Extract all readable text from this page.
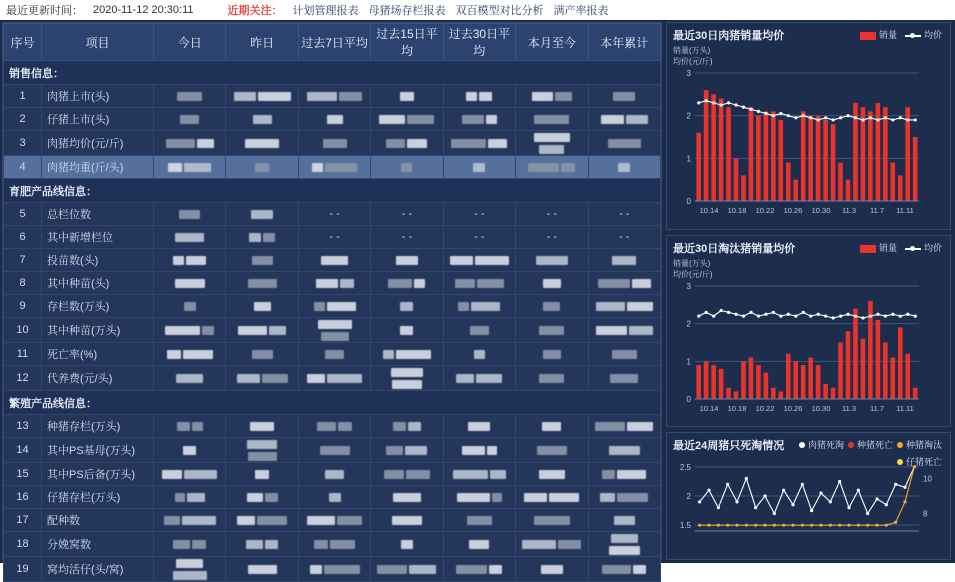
最近更新时间： 2020-11-12 20:30:11	近期关注： 计划管理报表 母猪场存栏报表 双百模型对比分析 满产率报表
序号	项目	今日	昨日	过去7日平均	过去15日平均	过去30日平均	本月至今	本年累计
销售信息：								
1	肉猪上市(头)							
2	仔猪上市(头)							
3	肉猪均价(元/斤)							
4	肉猪均重(斤/头)							
育肥产品线信息：								
5	总栏位数			- -	- -	- -	- -	- -
6	其中新增栏位			- -	- -	- -	- -	- -
7	投苗数(头)							
8	其中种苗(头)							
9	存栏数(万头)							
10	其中种苗(万头)							
11	死亡率(%)							
12	代养费(元/头)							
繁殖产品线信息：								
13	种猪存栏(万头)							
14	其中PS基母(万头)							
15	其中PS后备(万头)							
16	仔猪存栏(万头)							
17	配种数							
18	分娩窝数							
19	窝均活仔(头/窝)							
最近30日肉猪销量均价	销量	均价
销量(万头)
均价(元/斤)
0
1
2
3
10.14 10.18 10.22 10.26 10.30 11.3 11.7 11.11
最近30日淘汰猪销量均价	销量	均价
销量(万头)
均价(元/斤)
0
1
2
3
10.14 10.18 10.22 10.26 10.30 11.3 11.7 11.11
最近24周猪只死淘情况	肉猪死淘	种猪死亡	种猪淘汰
仔猪死亡
1.5
2
2.5
8
10
